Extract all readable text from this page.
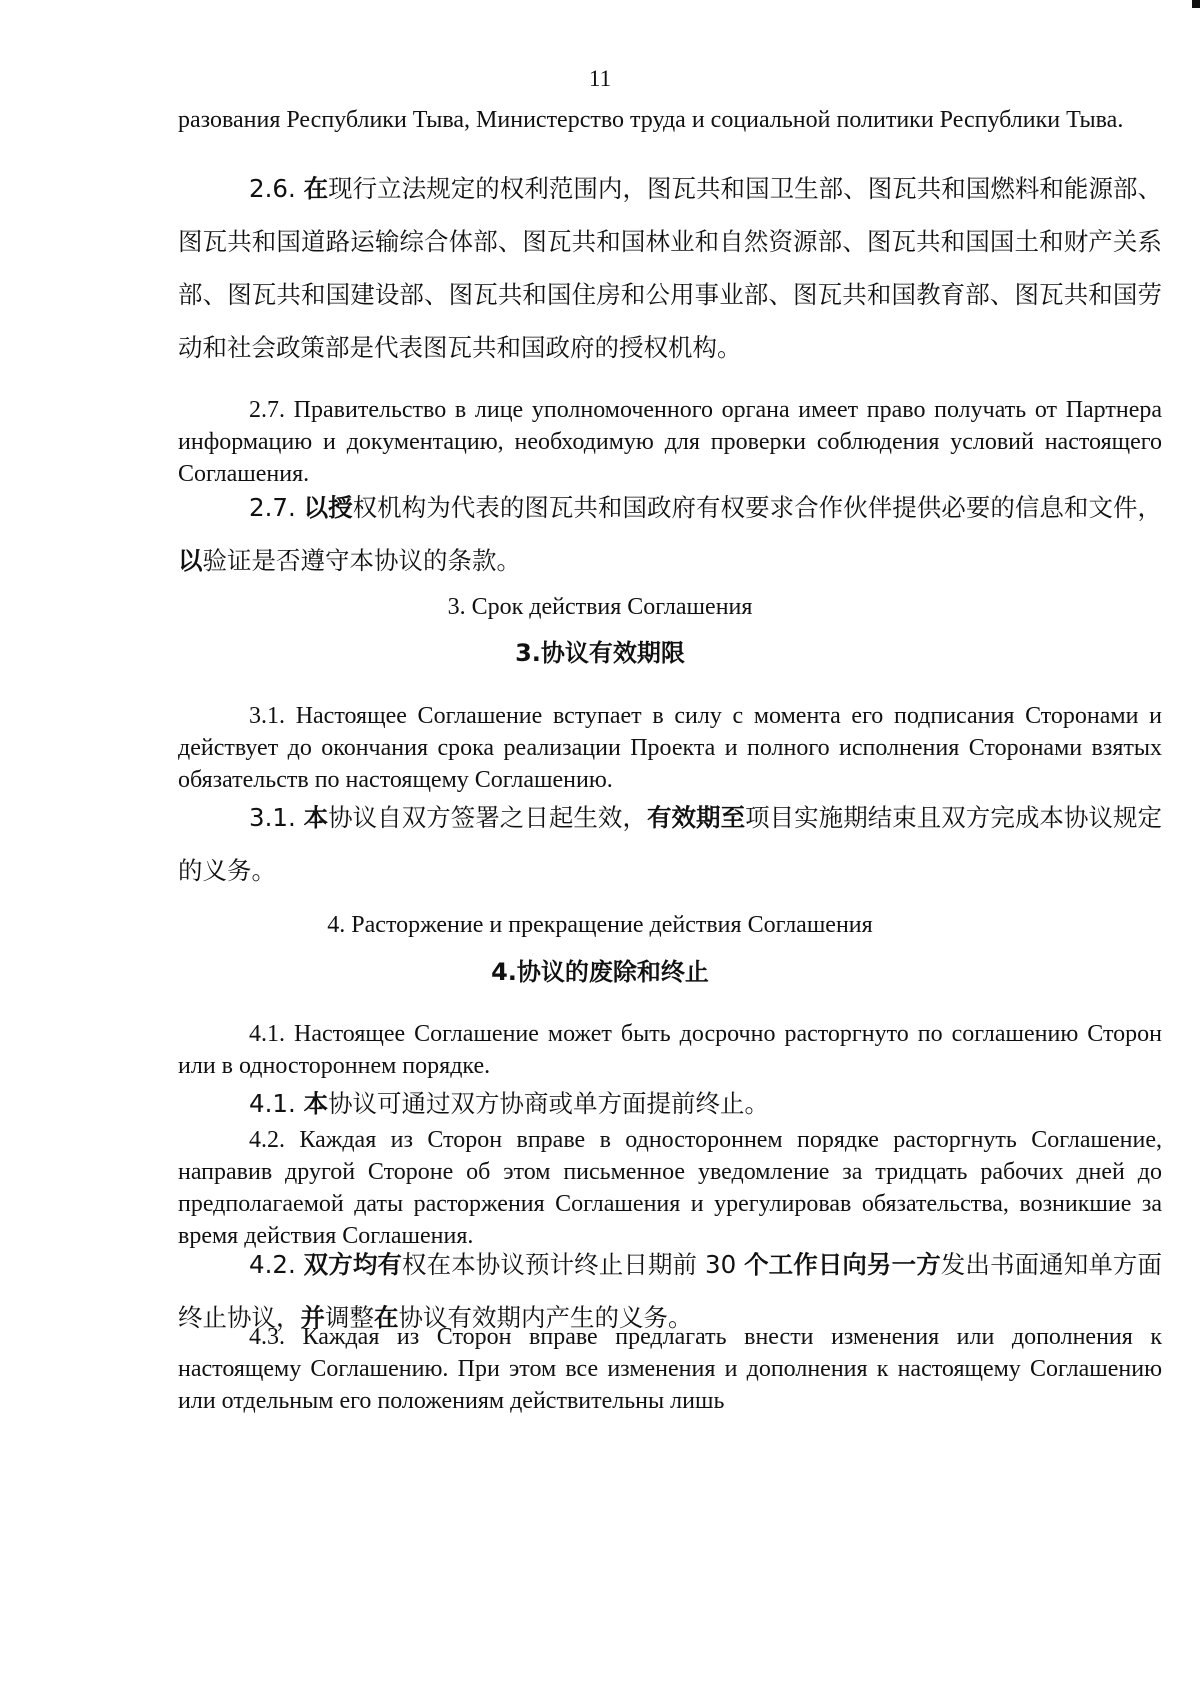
11
разования Республики Тыва, Министерство труда и социальной политики Республики Тыва.
2.6. 在现行立法规定的权利范围内，图瓦共和国卫生部、图瓦共和国燃料和能源部、图瓦共和国道路运输综合体部、图瓦共和国林业和自然资源部、图瓦共和国国土和财产关系部、图瓦共和国建设部、图瓦共和国住房和公用事业部、图瓦共和国教育部、图瓦共和国劳动和社会政策部是代表图瓦共和国政府的授权机构。
2.7. Правительство в лице уполномоченного органа имеет право получать от Партнера информацию и документацию, необходимую для проверки соблюдения условий настоящего Соглашения.
2.7. 以授权机构为代表的图瓦共和国政府有权要求合作伙伴提供必要的信息和文件，以验证是否遵守本协议的条款。
3. Срок действия Соглашения
3.协议有效期限
3.1. Настоящее Соглашение вступает в силу с момента его подписания Сторонами и действует до окончания срока реализации Проекта и полного исполнения Сторонами взятых обязательств по настоящему Соглашению.
3.1. 本协议自双方签署之日起生效，有效期至项目实施期结束且双方完成本协议规定的义务。
4. Расторжение и прекращение действия Соглашения
4.协议的废除和终止
4.1. Настоящее Соглашение может быть досрочно расторгнуто по соглашению Сторон или в одностороннем порядке.
4.1. 本协议可通过双方协商或单方面提前终止。
4.2. Каждая из Сторон вправе в одностороннем порядке расторгнуть Соглашение, направив другой Стороне об этом письменное уведомление за тридцать рабочих дней до предполагаемой даты расторжения Соглашения и урегулировав обязательства, возникшие за время действия Соглашения.
4.2. 双方均有权在本协议预计终止日期前 30 个工作日向另一方发出书面通知单方面终止协议，并调整在协议有效期内产生的义务。
4.3. Каждая из Сторон вправе предлагать внести изменения или дополнения к настоящему Соглашению. При этом все изменения и дополнения к настоящему Соглашению или отдельным его положениям действительны лишь
